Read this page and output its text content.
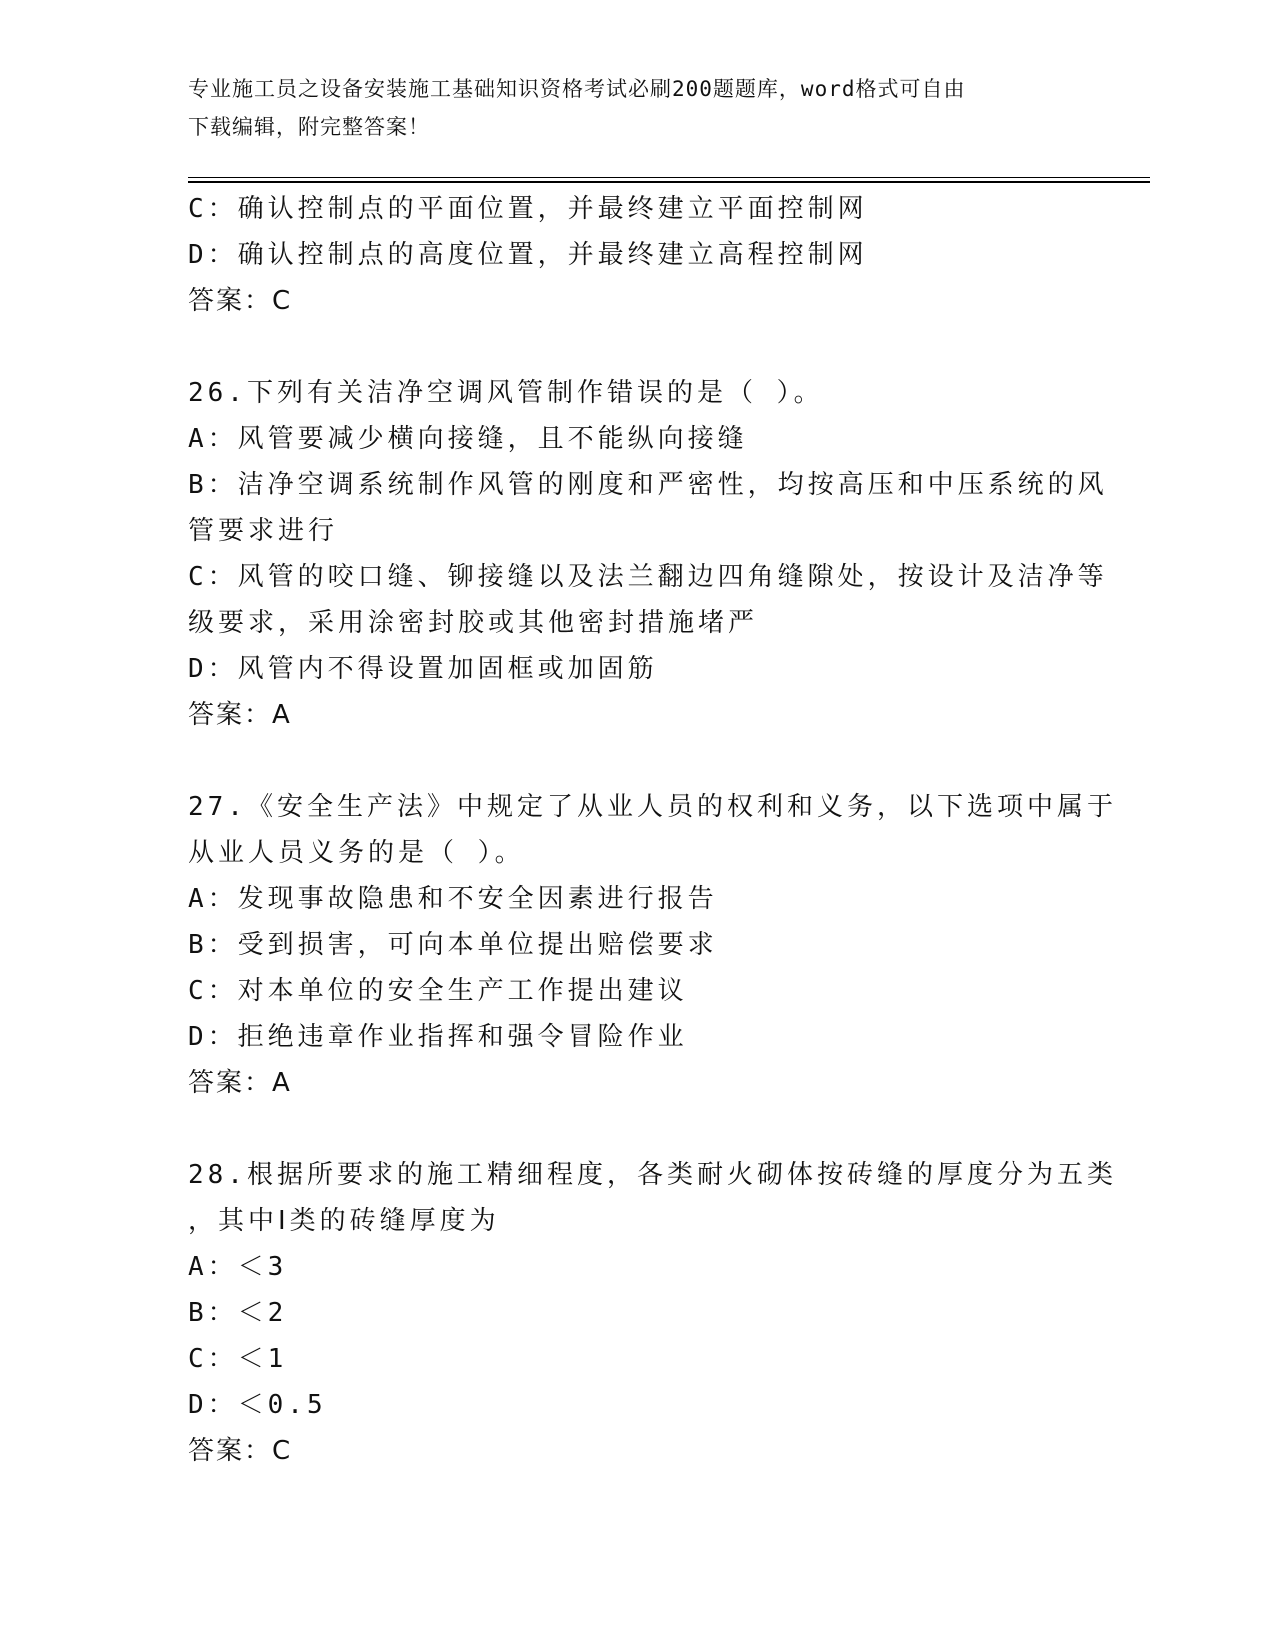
专业施工员之设备安装施工基础知识资格考试必刷200题题库，word格式可自由
下载编辑，附完整答案！
C：确认控制点的平面位置，并最终建立平面控制网
D：确认控制点的高度位置，并最终建立高程控制网
答案：C
26.下列有关洁净空调风管制作错误的是（ ）。
A：风管要减少横向接缝，且不能纵向接缝
B：洁净空调系统制作风管的刚度和严密性，均按高压和中压系统的风
管要求进行
C：风管的咬口缝、铆接缝以及法兰翻边四角缝隙处，按设计及洁净等
级要求，采用涂密封胶或其他密封措施堵严
D：风管内不得设置加固框或加固筋
答案：A
27.《安全生产法》中规定了从业人员的权利和义务，以下选项中属于
从业人员义务的是（ ）。
A：发现事故隐患和不安全因素进行报告
B：受到损害，可向本单位提出赔偿要求
C：对本单位的安全生产工作提出建议
D：拒绝违章作业指挥和强令冒险作业
答案：A
28.根据所要求的施工精细程度，各类耐火砌体按砖缝的厚度分为五类
，其中Ⅰ类的砖缝厚度为
A：＜3
B：＜2
C：＜1
D：＜0.5
答案：C
